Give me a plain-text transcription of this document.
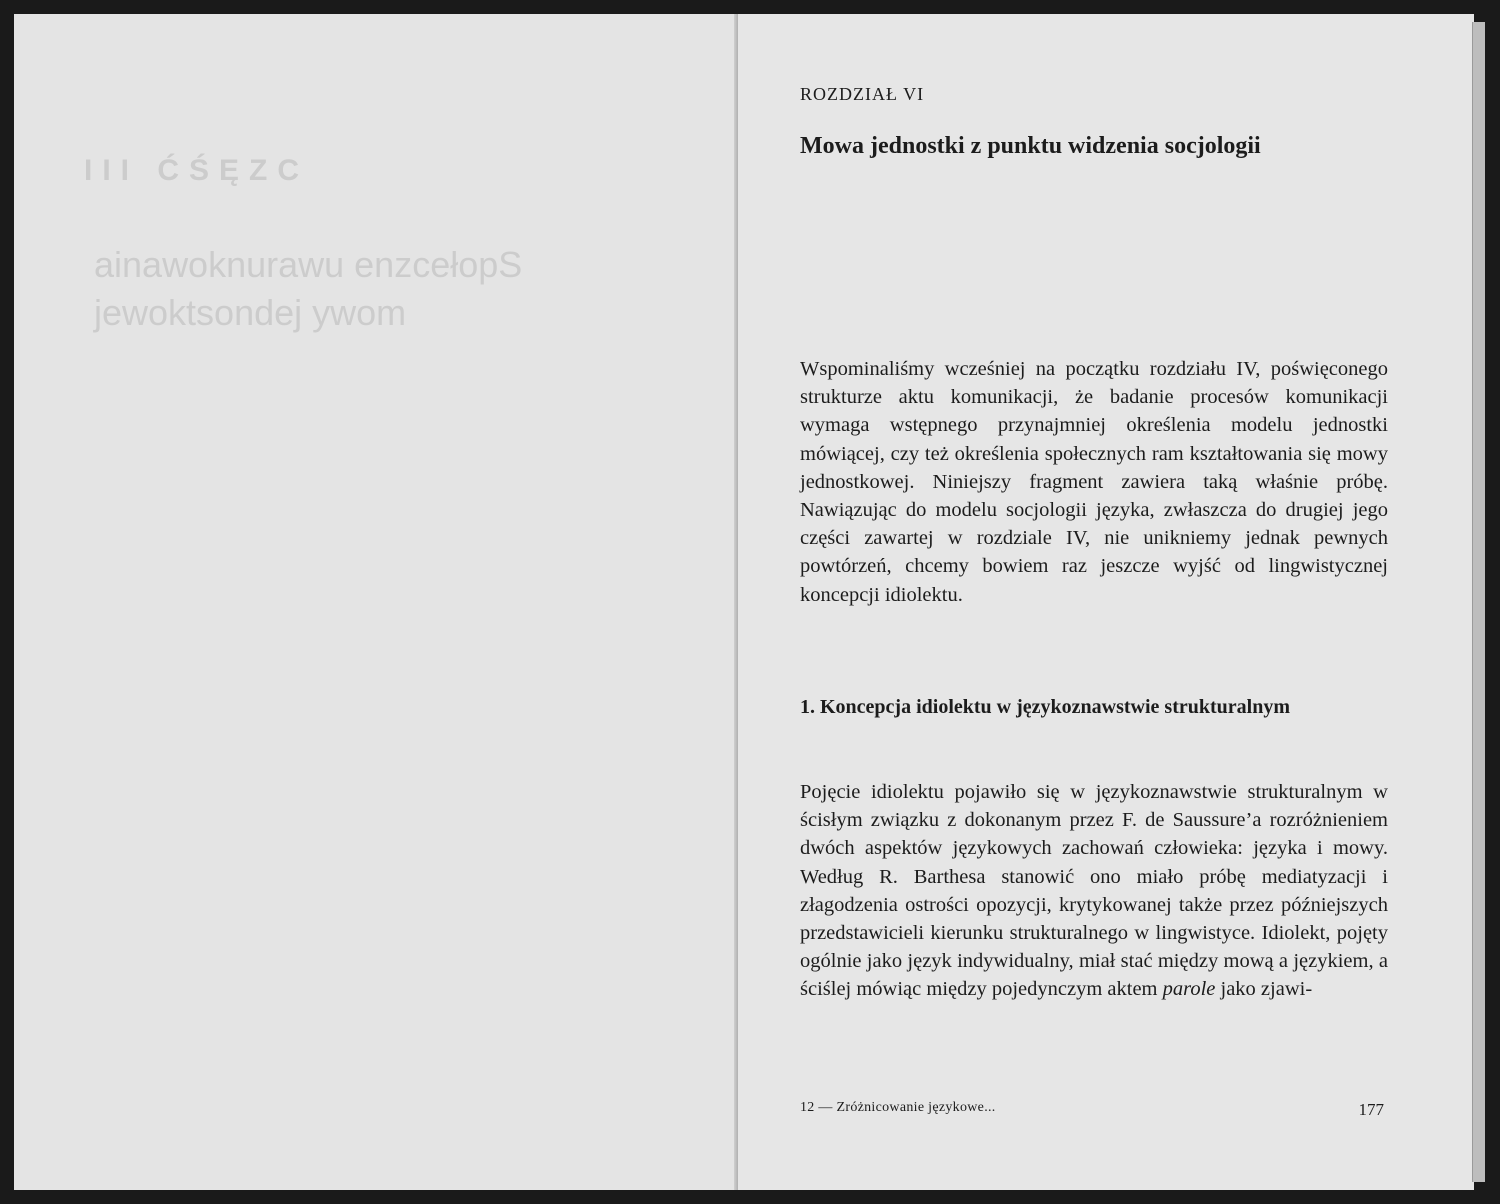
CZĘŚĆ III
Społeczne uwarunkowania
mowy jednostkowej
ROZDZIAŁ VI
Mowa jednostki z punktu widzenia socjologii

Wspominaliśmy wcześniej na początku rozdziału IV, poświęconego strukturze aktu komunikacji, że badanie procesów komunikacji wymaga wstępnego przynajmniej określenia modelu jednostki mówiącej, czy też określenia społecznych ram kształtowania się mowy jednostkowej. Niniejszy fragment zawiera taką właśnie próbę. Nawiązując do modelu socjologii języka, zwłaszcza do drugiej jego części zawartej w rozdziale IV, nie unikniemy jednak pewnych powtórzeń, chcemy bowiem raz jeszcze wyjść od lingwistycznej koncepcji idiolektu.

1. Koncepcja idiolektu w językoznawstwie strukturalnym

Pojęcie idiolektu pojawiło się w językoznawstwie strukturalnym w ścisłym związku z dokonanym przez F. de Saussure’a rozróżnieniem dwóch aspektów językowych zachowań człowieka: języka i mowy. Według R. Barthesa stanowić ono miało próbę mediatyzacji i złagodzenia ostrości opozycji, krytykowanej także przez późniejszych przedstawicieli kierunku strukturalnego w lingwistyce. Idiolekt, pojęty ogólnie jako język indywidualny, miał stać między mową a językiem, a ściślej mówiąc między pojedynczym aktem parole jako zjawi-

12 — Zróżnicowanie językowe...	177
